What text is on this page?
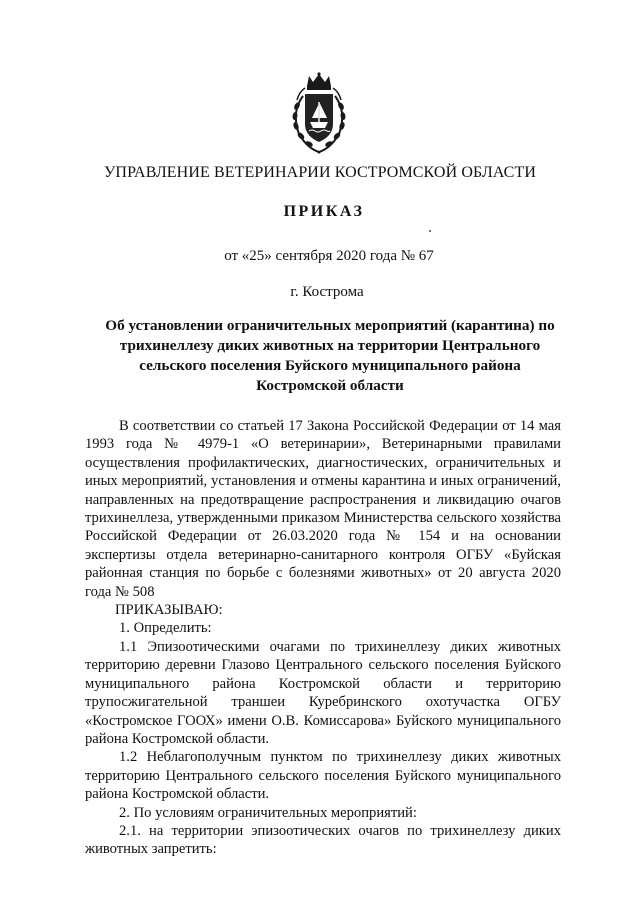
УПРАВЛЕНИЕ ВЕТЕРИНАРИИ КОСТРОМСКОЙ ОБЛАСТИ
ПРИКАЗ
от «25» сентября 2020 года № 67
г. Кострома
Об установлении ограничительных мероприятий (карантина) по трихинеллезу диких животных на территории Центрального сельского поселения Буйского муниципального района Костромской области

В соответствии со статьей 17 Закона Российской Федерации от 14 мая 1993 года № 4979-1 «О ветеринарии», Ветеринарными правилами осуществления профилактических, диагностических, ограничительных и иных мероприятий, установления и отмены карантина и иных ограничений, направленных на предотвращение распространения и ликвидацию очагов трихинеллеза, утвержденными приказом Министерства сельского хозяйства Российской Федерации от 26.03.2020 года № 154 и на основании экспертизы отдела ветеринарно-санитарного контроля ОГБУ «Буйская районная станция по борьбе с болезнями животных» от 20 августа 2020 года № 508

ПРИКАЗЫВАЮ:

1. Определить:

1.1 Эпизоотическими очагами по трихинеллезу диких животных территорию деревни Глазово Центрального сельского поселения Буйского муниципального района Костромской области и территорию трупосжигательной траншеи Куребринского охотучастка ОГБУ «Костромское ГООХ» имени О.В. Комиссарова» Буйского муниципального района Костромской области.

1.2 Неблагополучным пунктом по трихинеллезу диких животных территорию Центрального сельского поселения Буйского муниципального района Костромской области.

2. По условиям ограничительных мероприятий:

2.1. на территории эпизоотических очагов по трихинеллезу диких животных запретить:
